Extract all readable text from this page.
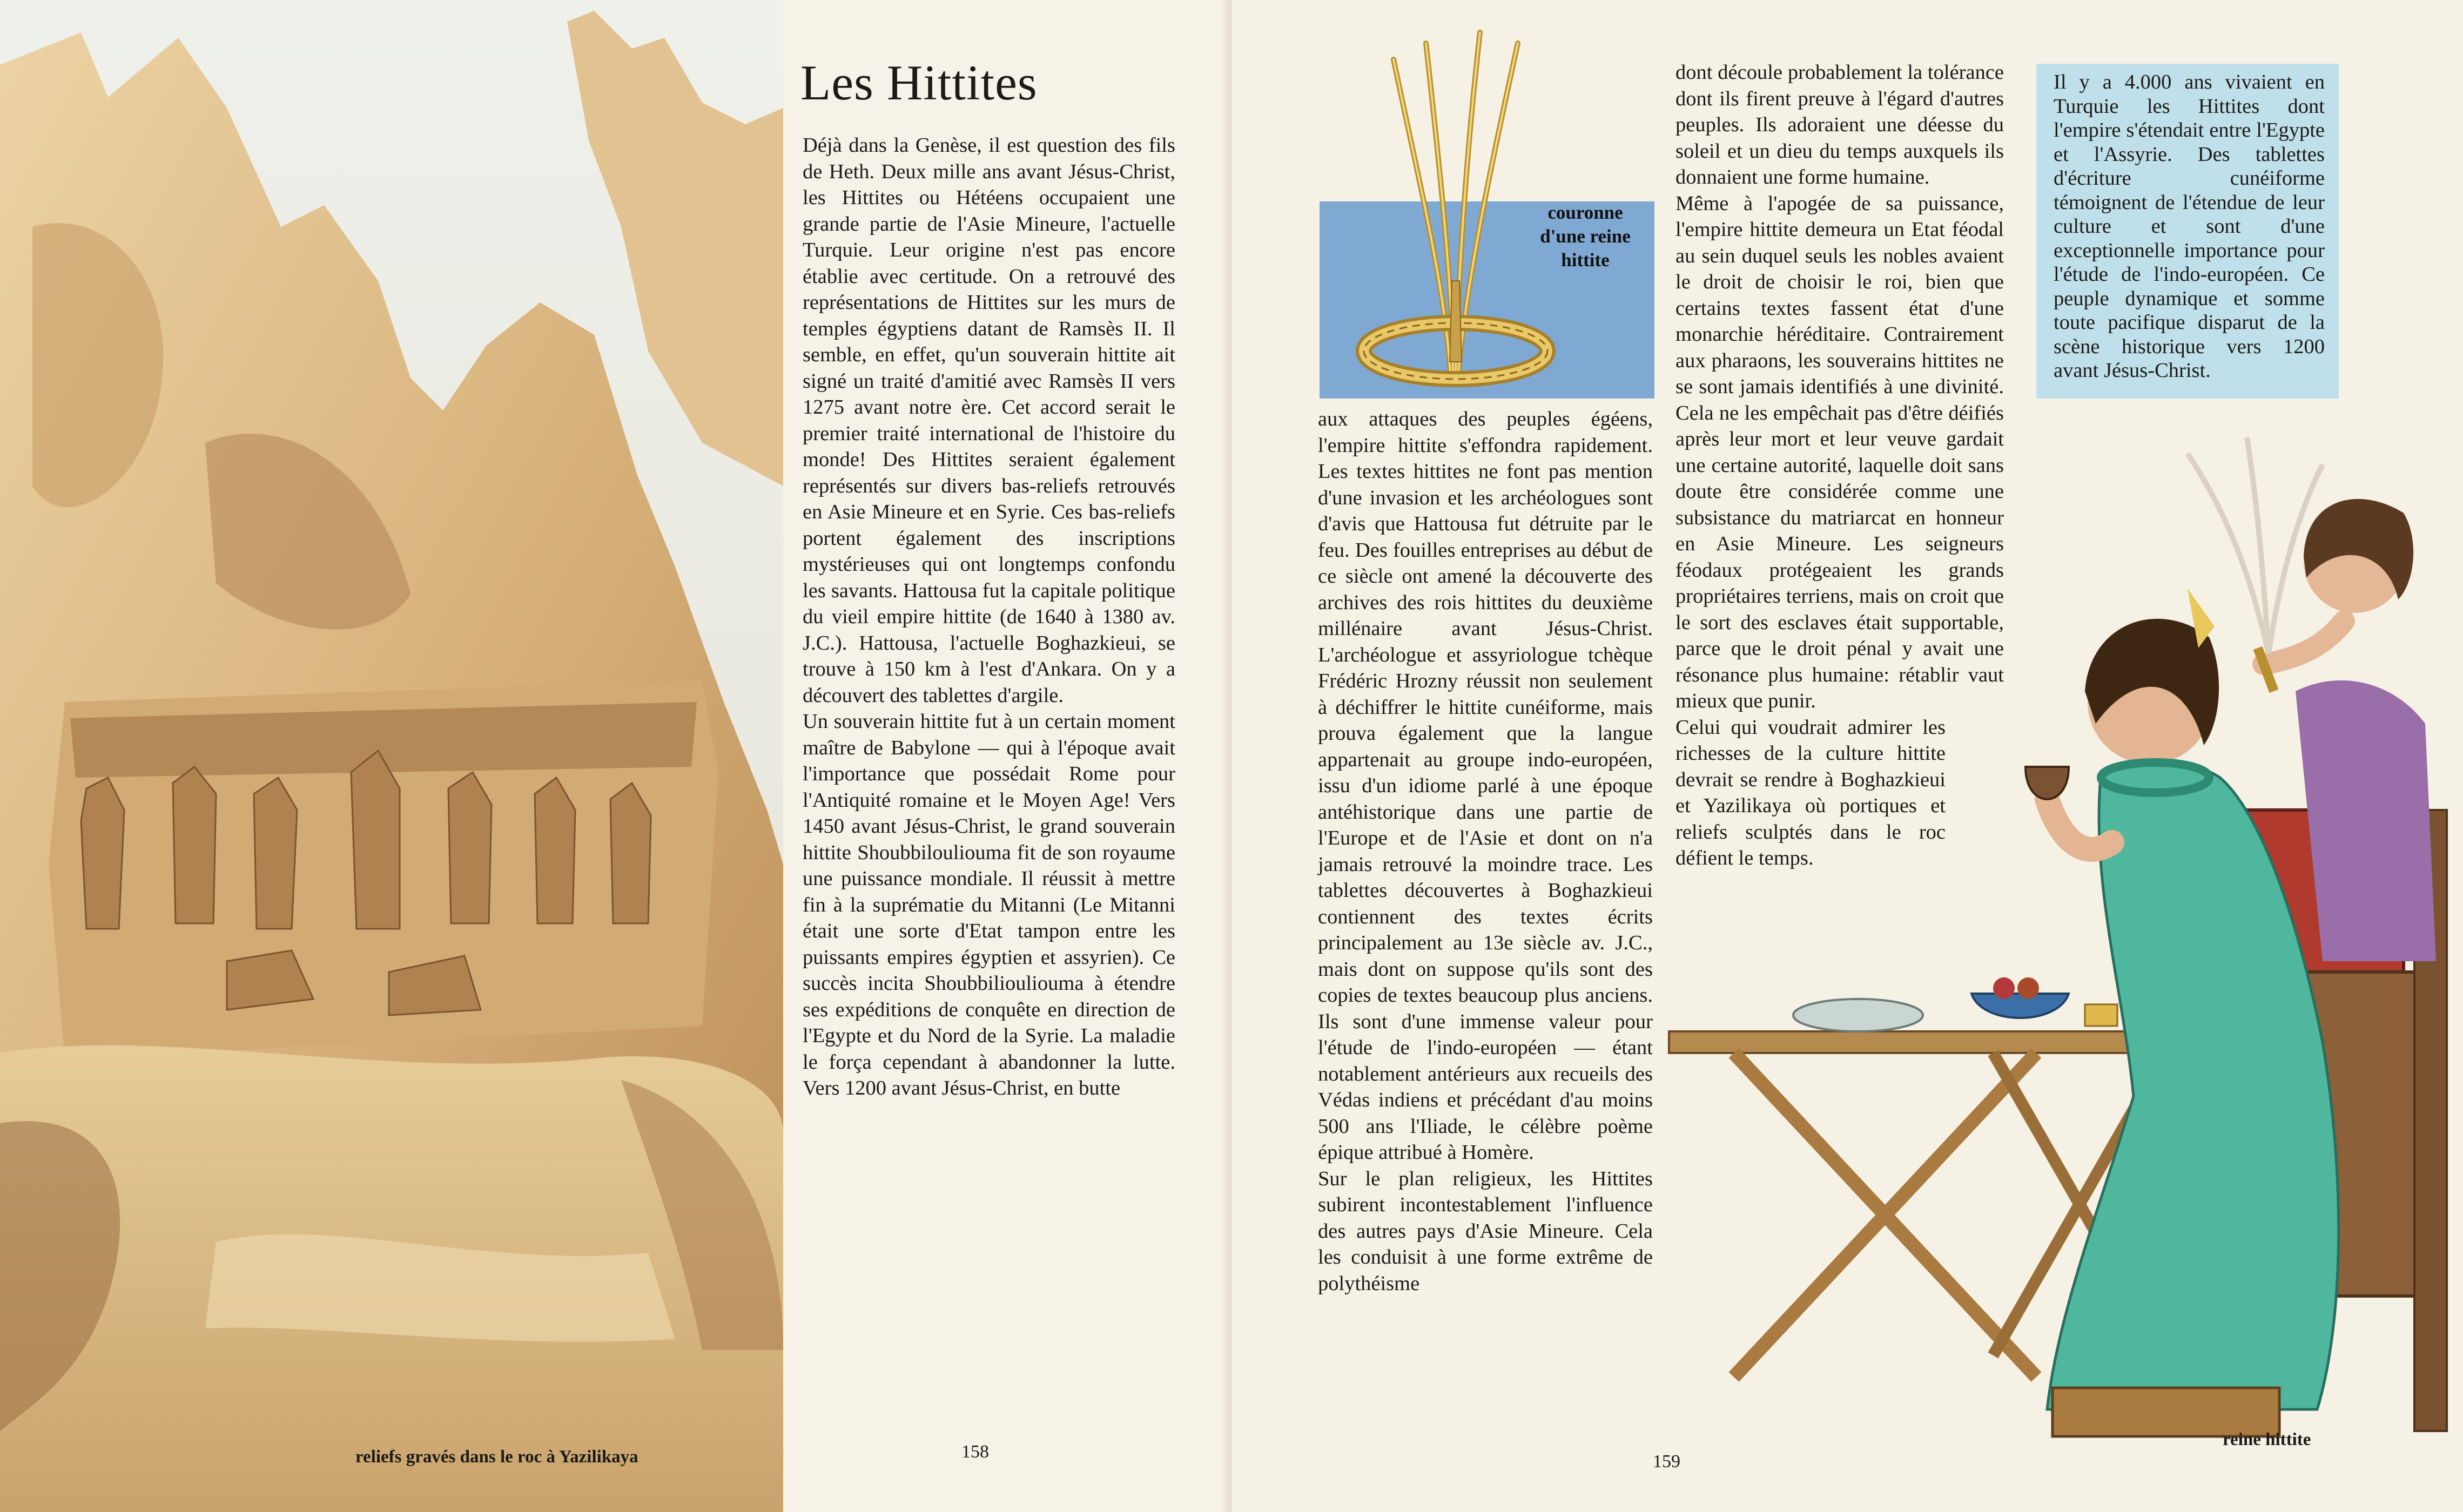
reliefs gravés dans le roc à Yazilikaya
Les Hittites

Déjà dans la Genèse, il est question des fils de Heth. Deux mille ans avant Jésus-Christ, les Hittites ou Hétéens occupaient une grande partie de l'Asie Mineure, l'actuelle Turquie. Leur origine n'est pas encore établie avec certitude. On a retrouvé des représentations de Hittites sur les murs de temples égyptiens datant de Ramsès II. Il semble, en effet, qu'un souverain hittite ait signé un traité d'amitié avec Ramsès II vers 1275 avant notre ère. Cet accord serait le premier traité international de l'histoire du monde! Des Hittites seraient également représentés sur divers bas-reliefs retrouvés en Asie Mineure et en Syrie. Ces bas-reliefs portent également des inscriptions mystérieuses qui ont longtemps confondu les savants. Hattousa fut la capitale politique du vieil empire hittite (de 1640 à 1380 av. J.C.). Hattousa, l'actuelle Boghazkieui, se trouve à 150 km à l'est d'Ankara. On y a découvert des tablettes d'argile.

Un souverain hittite fut à un certain moment maître de Babylone — qui à l'époque avait l'importance que possédait Rome pour l'Antiquité romaine et le Moyen Age! Vers 1450 avant Jésus-Christ, le grand souverain hittite Shoubbilouliouma fit de son royaume une puissance mondiale. Il réussit à mettre fin à la suprématie du Mitanni (Le Mitanni était une sorte d'Etat tampon entre les puissants empires égyptien et assyrien). Ce succès incita Shoubbiliouliouma à étendre ses expéditions de conquête en direction de l'Egypte et du Nord de la Syrie. La maladie le força cependant à abandonner la lutte. Vers 1200 avant Jésus-Christ, en butte

158
couronne d'une reine hittite
Il y a 4.000 ans vivaient en Turquie les Hittites dont l'empire s'étendait entre l'Egypte et l'Assyrie. Des tablettes d'écriture cunéiforme témoignent de l'étendue de leur culture et sont d'une exceptionnelle importance pour l'étude de l'indo-européen. Ce peuple dynamique et somme toute pacifique disparut de la scène historique vers 1200 avant Jésus-Christ.

aux attaques des peuples égéens, l'empire hittite s'effondra rapidement. Les textes hittites ne font pas mention d'une invasion et les archéologues sont d'avis que Hattousa fut détruite par le feu. Des fouilles entreprises au début de ce siècle ont amené la découverte des archives des rois hittites du deuxième millénaire avant Jésus-Christ. L'archéologue et assyriologue tchèque Frédéric Hrozny réussit non seulement à déchiffrer le hittite cunéiforme, mais prouva également que la langue appartenait au groupe indo-européen, issu d'un idiome parlé à une époque antéhistorique dans une partie de l'Europe et de l'Asie et dont on n'a jamais retrouvé la moindre trace. Les tablettes découvertes à Boghazkieui contiennent des textes écrits principalement au 13e siècle av. J.C., mais dont on suppose qu'ils sont des copies de textes beaucoup plus anciens. Ils sont d'une immense valeur pour l'étude de l'indo-européen — étant notablement antérieurs aux recueils des Védas indiens et précédant d'au moins 500 ans l'Iliade, le célèbre poème épique attribué à Homère.

Sur le plan religieux, les Hittites subirent incontestablement l'influence des autres pays d'Asie Mineure. Cela les conduisit à une forme extrême de polythéisme

dont découle probablement la tolérance dont ils firent preuve à l'égard d'autres peuples. Ils adoraient une déesse du soleil et un dieu du temps auxquels ils donnaient une forme humaine.

Même à l'apogée de sa puissance, l'empire hittite demeura un Etat féodal au sein duquel seuls les nobles avaient le droit de choisir le roi, bien que certains textes fassent état d'une monarchie héréditaire. Contrairement aux pharaons, les souverains hittites ne se sont jamais identifiés à une divinité. Cela ne les empêchait pas d'être déifiés après leur mort et leur veuve gardait une certaine autorité, laquelle doit sans doute être considérée comme une subsistance du matriarcat en honneur en Asie Mineure. Les seigneurs féodaux protégeaient les grands propriétaires terriens, mais on croit que le sort des esclaves était supportable, parce que le droit pénal y avait une résonance plus humaine: rétablir vaut mieux que punir.

Celui qui voudrait admirer les richesses de la culture hittite devrait se rendre à Boghazkieui et Yazilikaya où portiques et reliefs sculptés dans le roc défient le temps.

reine hittite
159
